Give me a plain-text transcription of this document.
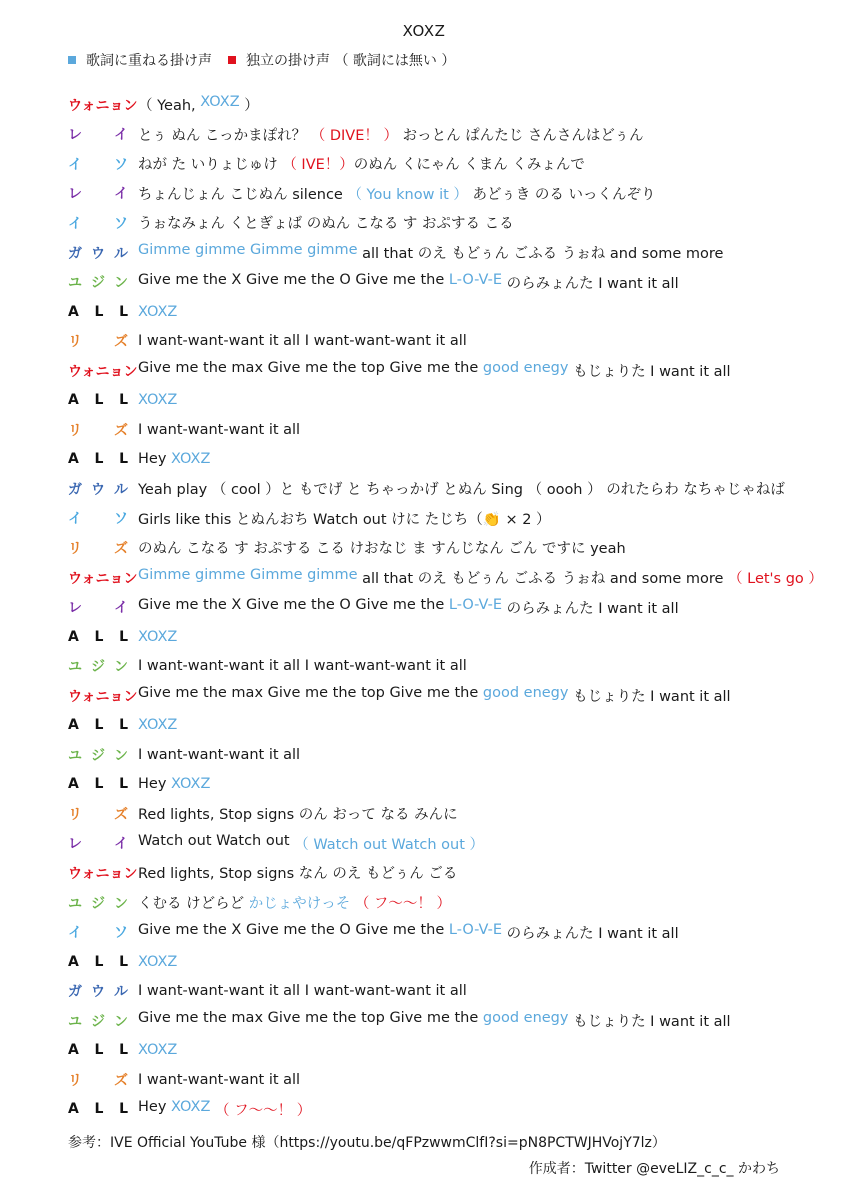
XOXZ
歌詞に重ねる掛け声 独立の掛け声 （ 歌詞には無い ）
ウォニョン （ Yeah, XOXZ ）
レ イ とぅ ぬん こっかまぽれ？ （ DIVE！ ） おっとん ぱんたじ さんさんはどぅん
イ ソ ねが た いりょじゅけ （ IVE！） のぬん くにゃん くまん くみょんで
レ イ ちょんじょん こじぬん silence （ You know it ） あどぅき のる いっくんぞり
イ ソ うぉなみょん くとぎょば のぬん こなる す おぷする こる
ガ ウ ル Gimme gimme Gimme gimme all that のえ もどぅん ごふる うぉね and some more
ユ ジ ン Give me the X Give me the O Give me the L-O-V-E のらみょんた I want it all
A L L XOXZ
リ ズ I want-want-want it all I want-want-want it all
ウォニョン Give me the max Give me the top Give me the good enegy もじょりた I want it all
A L L XOXZ
リ ズ I want-want-want it all
A L L Hey XOXZ
ガ ウ ル Yeah play （ cool ）と もでげ と ちゃっかげ とぬん Sing （ oooh ） のれたらわ なちゃじゃねば
イ ソ Girls like this とぬんおち Watch out けに たじち（👏 × 2 ）
リ ズ のぬん こなる す おぷする こる けおなじ ま すんじなん ごん ですに yeah
ウォニョン Gimme gimme Gimme gimme all that のえ もどぅん ごふる うぉね and some more （ Let's go ）
レ イ Give me the X Give me the O Give me the L-O-V-E のらみょんた I want it all
A L L XOXZ
ユ ジ ン I want-want-want it all I want-want-want it all
ウォニョン Give me the max Give me the top Give me the good enegy もじょりた I want it all
A L L XOXZ
ユ ジ ン I want-want-want it all
A L L Hey XOXZ
リ ズ Red lights, Stop signs のん おって なる みんに
レ イ Watch out Watch out （ Watch out Watch out ）
ウォニョン Red lights, Stop signs なん のえ もどぅん ごる
ユ ジ ン くむる けどらど かじょやけっそ （ フ〜〜！ ）
イ ソ Give me the X Give me the O Give me the L-O-V-E のらみょんた I want it all
A L L XOXZ
ガ ウ ル I want-want-want it all I want-want-want it all
ユ ジ ン Give me the max Give me the top Give me the good enegy もじょりた I want it all
A L L XOXZ
リ ズ I want-want-want it all
A L L Hey XOXZ （ フ〜〜！ ）
参考：IVE Official YouTube 様（https://youtu.be/qFPzwwmClfI?si=pN8PCTWJHVojY7lz）
作成者：Twitter @eveLIZ_c_c_ かわち
